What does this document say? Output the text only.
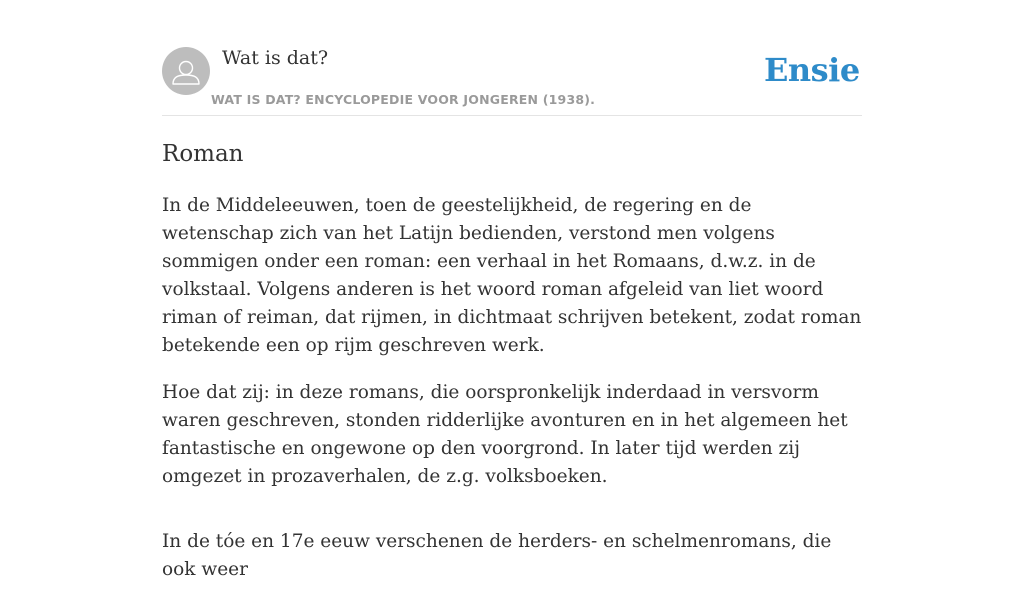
Wat is dat?
WAT IS DAT? ENCYCLOPEDIE VOOR JONGEREN (1938).
Ensie
Roman

In de Middeleeuwen, toen de geestelijkheid, de regering en de wetenschap zich van het Latijn bedienden, verstond men volgens sommigen onder een roman: een verhaal in het Romaans, d.w.z. in de volkstaal. Volgens anderen is het woord roman afgeleid van liet woord riman of reiman, dat rijmen, in dichtmaat schrijven betekent, zodat roman betekende een op rijm geschreven werk.

Hoe dat zij: in deze romans, die oorspronkelijk inderdaad in versvorm waren geschreven, stonden ridderlijke avonturen en in het algemeen het fantastische en ongewone op den voorgrond. In later tijd werden zij omgezet in prozaverhalen, de z.g. volksboeken.

In de tóe en 17e eeuw verschenen de herders- en schelmenromans, die ook weer
